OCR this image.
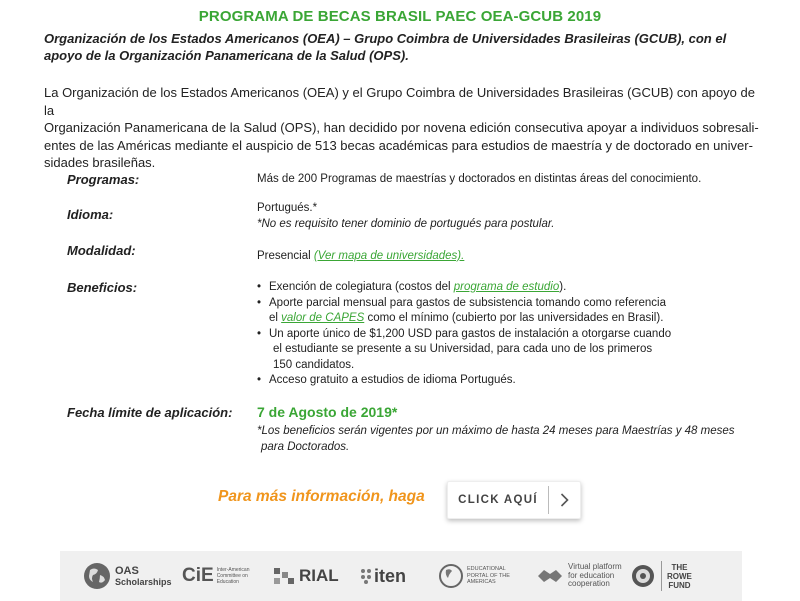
PROGRAMA DE BECAS BRASIL PAEC OEA-GCUB 2019
Organización de los Estados Americanos (OEA) – Grupo Coimbra de Universidades Brasileiras (GCUB), con el apoyo de la Organización Panamericana de la Salud (OPS).
La Organización de los Estados Americanos (OEA) y el Grupo Coimbra de Universidades Brasileiras (GCUB) con apoyo de la
Organización Panamericana de la Salud (OPS), han decidido por novena edición consecutiva apoyar a individuos sobresali-
entes de las Américas mediante el auspicio de 513 becas académicas para estudios de maestría y de doctorado en univer-
sidades brasileñas.
Programas:	Más de 200 Programas de maestrías y doctorados en distintas áreas del conocimiento.
Idioma:	Portugués.*
*No es requisito tener dominio de portugués para postular.
Modalidad:	Presencial (Ver mapa de universidades).
Beneficios:
•	Exención de colegiatura (costos del programa de estudio).
• Aporte parcial mensual para gastos de subsistencia tomando como referencia
el valor de CAPES como el mínimo (cubierto por las universidades en Brasil).
• Un aporte único de $1,200 USD para gastos de instalación a otorgarse cuando
el estudiante se presente a su Universidad, para cada uno de los primeros
150 candidatos.
• Acceso gratuito a estudios de idioma Portugués.
Fecha límite de aplicación: 7 de Agosto de 2019*
*Los beneficios serán vigentes por un máximo de hasta 24 meses para Maestrías y 48 meses
para Doctorados.
Para más información, haga	CLICK AQUÍ
OAS
Scholarships CiE Inter-American Committee on Education	RIAL iten	EDUCATIONAL PORTAL OF THE AMERICAS
Virtual platform for education cooperation
THE
ROWE
FUND
